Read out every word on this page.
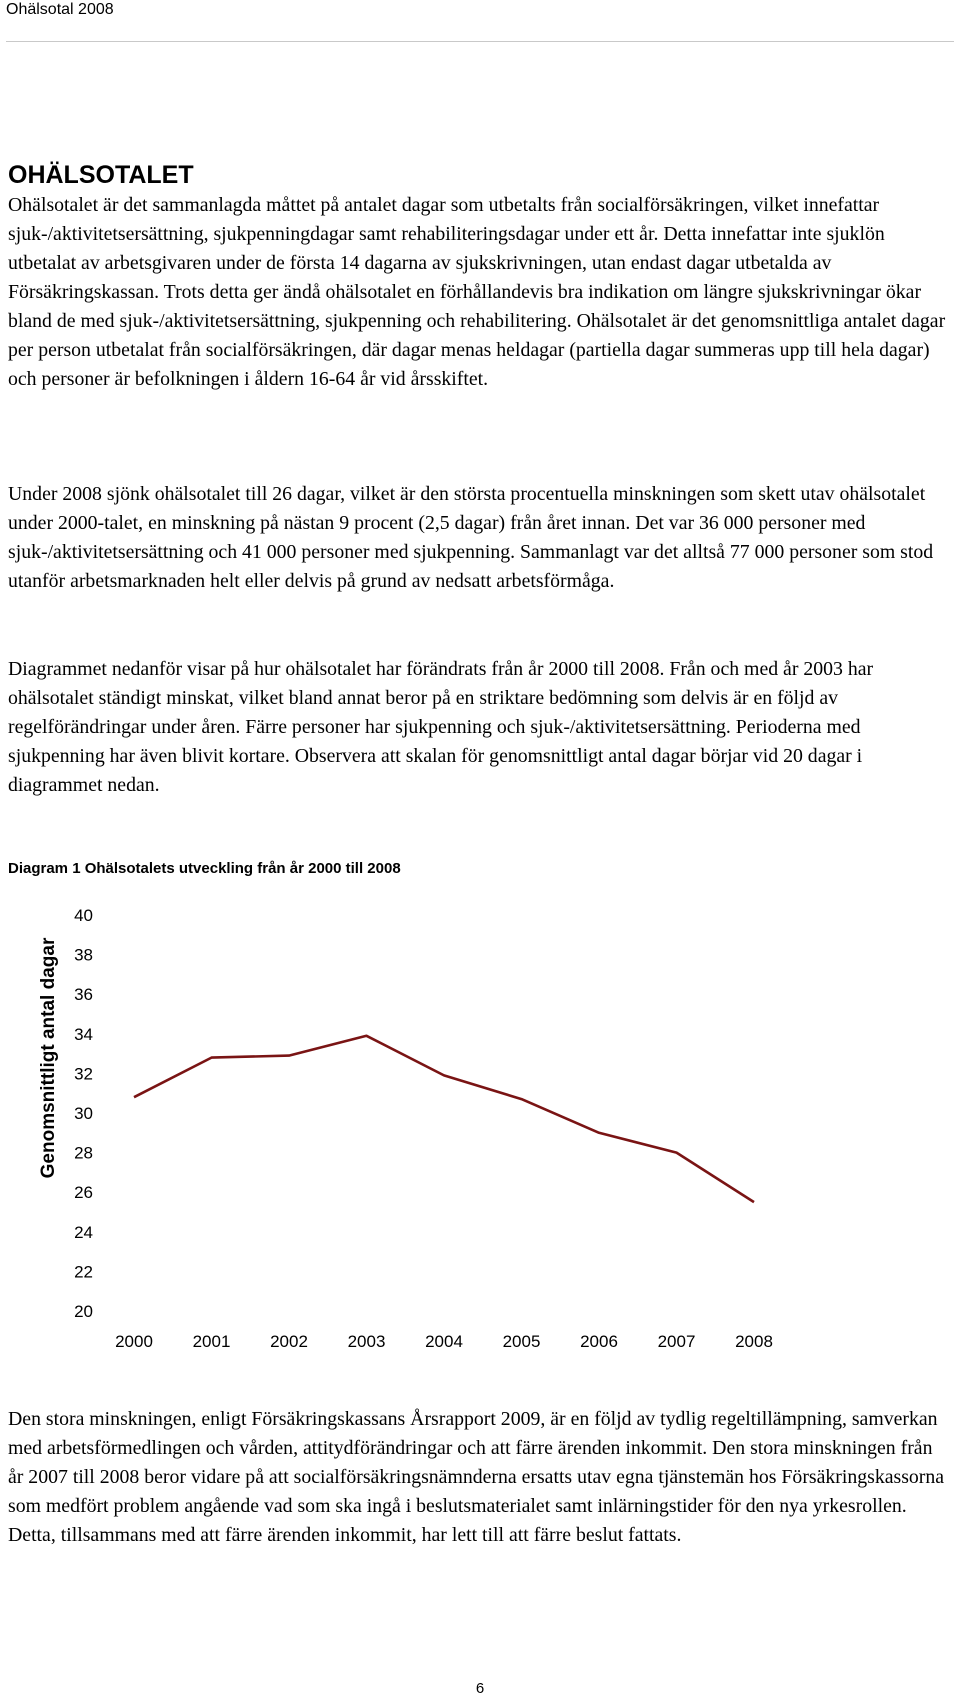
Ohälsotal 2008
OHÄLSOTALET

Ohälsotalet är det sammanlagda måttet på antalet dagar som utbetalts från socialförsäkringen, vilket innefattar sjuk-/aktivitetsersättning, sjukpenningdagar samt rehabiliteringsdagar under ett år. Detta innefattar inte sjuklön utbetalat av arbetsgivaren under de första 14 dagarna av sjukskrivningen, utan endast dagar utbetalda av Försäkringskassan. Trots detta ger ändå ohälsotalet en förhållandevis bra indikation om längre sjukskrivningar ökar bland de med sjuk-/aktivitetsersättning, sjukpenning och rehabilitering. Ohälsotalet är det genomsnittliga antalet dagar per person utbetalat från socialförsäkringen, där dagar menas heldagar (partiella dagar summeras upp till hela dagar) och personer är befolkningen i åldern 16-64 år vid årsskiftet.

Under 2008 sjönk ohälsotalet till 26 dagar, vilket är den största procentuella minskningen som skett utav ohälsotalet under 2000-talet, en minskning på nästan 9 procent (2,5 dagar) från året innan. Det var 36 000 personer med sjuk-/aktivitetsersättning och 41 000 personer med sjukpenning. Sammanlagt var det alltså 77 000 personer som stod utanför arbetsmarknaden helt eller delvis på grund av nedsatt arbetsförmåga.

Diagrammet nedanför visar på hur ohälsotalet har förändrats från år 2000 till 2008. Från och med år 2003 har ohälsotalet ständigt minskat, vilket bland annat beror på en striktare bedömning som delvis är en följd av regelförändringar under åren. Färre personer har sjukpenning och sjuk-/aktivitetsersättning. Perioderna med sjukpenning har även blivit kortare. Observera att skalan för genomsnittligt antal dagar börjar vid 20 dagar i diagrammet nedan.

Diagram 1 Ohälsotalets utveckling från år 2000 till 2008

20
22
24
26
28
30
32
34
36
38
40
2000 2001 2002 2003 2004 2005 2006 2007 2008
Genomsnittligt antal dagar

Den stora minskningen, enligt Försäkringskassans Årsrapport 2009, är en följd av tydlig regeltillämpning, samverkan med arbetsförmedlingen och vården, attitydförändringar och att färre ärenden inkommit. Den stora minskningen från år 2007 till 2008 beror vidare på att socialförsäkringsnämnderna ersatts utav egna tjänstemän hos Försäkringskassorna som medfört problem angående vad som ska ingå i beslutsmaterialet samt inlärningstider för den nya yrkesrollen. Detta, tillsammans med att färre ärenden inkommit, har lett till att färre beslut fattats.

6
